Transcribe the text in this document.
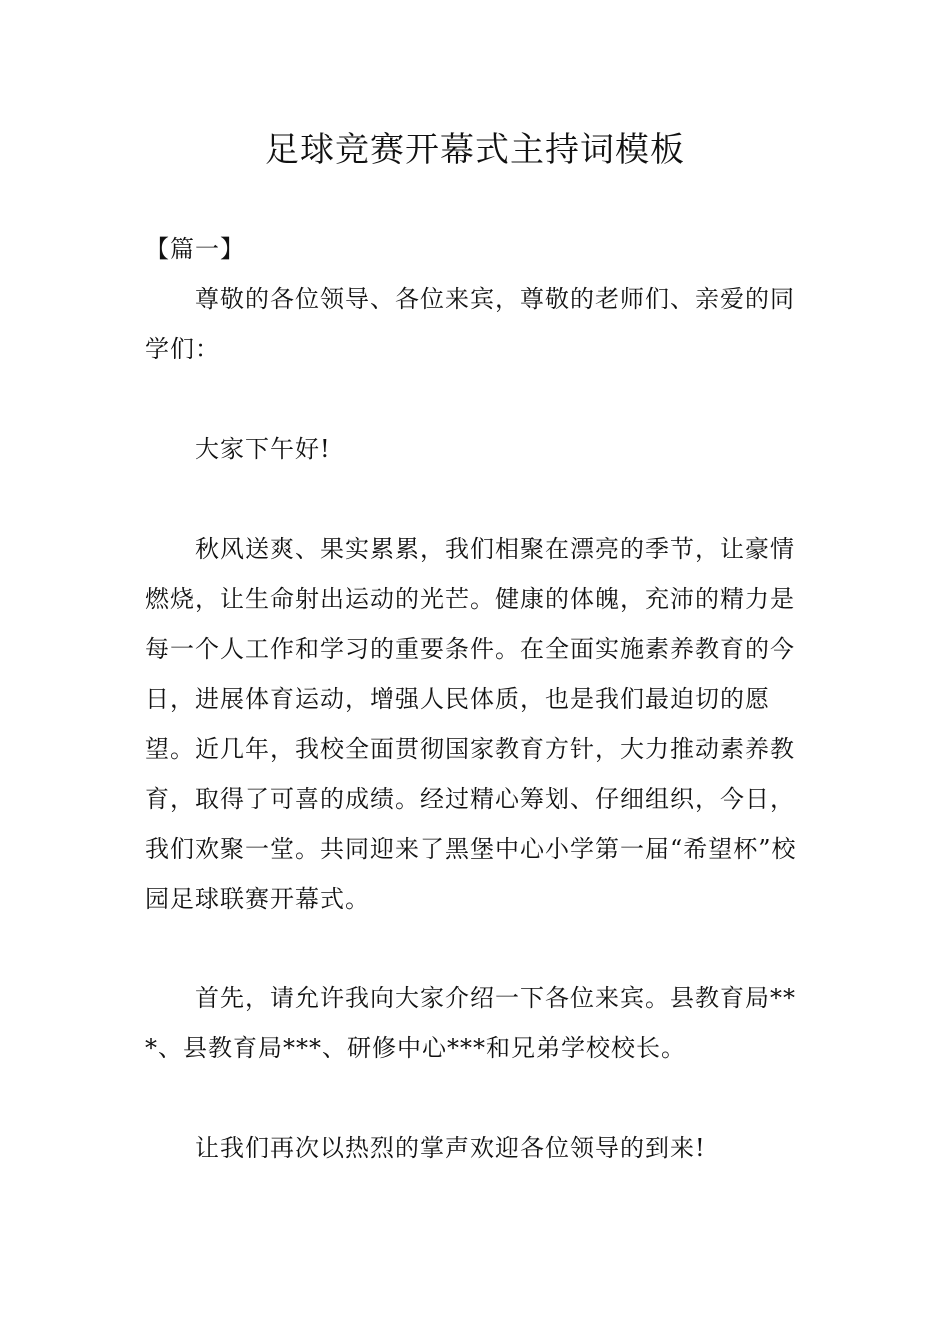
足球竞赛开幕式主持词模板

【篇一】

尊敬的各位领导、各位来宾，尊敬的老师们、亲爱的同学们：

大家下午好!

秋风送爽、果实累累，我们相聚在漂亮的季节，让豪情燃烧，让生命射出运动的光芒。健康的体魄，充沛的精力是每一个人工作和学习的重要条件。在全面实施素养教育的今日，进展体育运动，增强人民体质，也是我们最迫切的愿望。近几年，我校全面贯彻国家教育方针，大力推动素养教育，取得了可喜的成绩。经过精心筹划、仔细组织，今日，我们欢聚一堂。共同迎来了黑堡中心小学第一届“希望杯”校园足球联赛开幕式。

首先，请允许我向大家介绍一下各位来宾。县教育局***、县教育局***、研修中心***和兄弟学校校长。

让我们再次以热烈的掌声欢迎各位领导的到来!
